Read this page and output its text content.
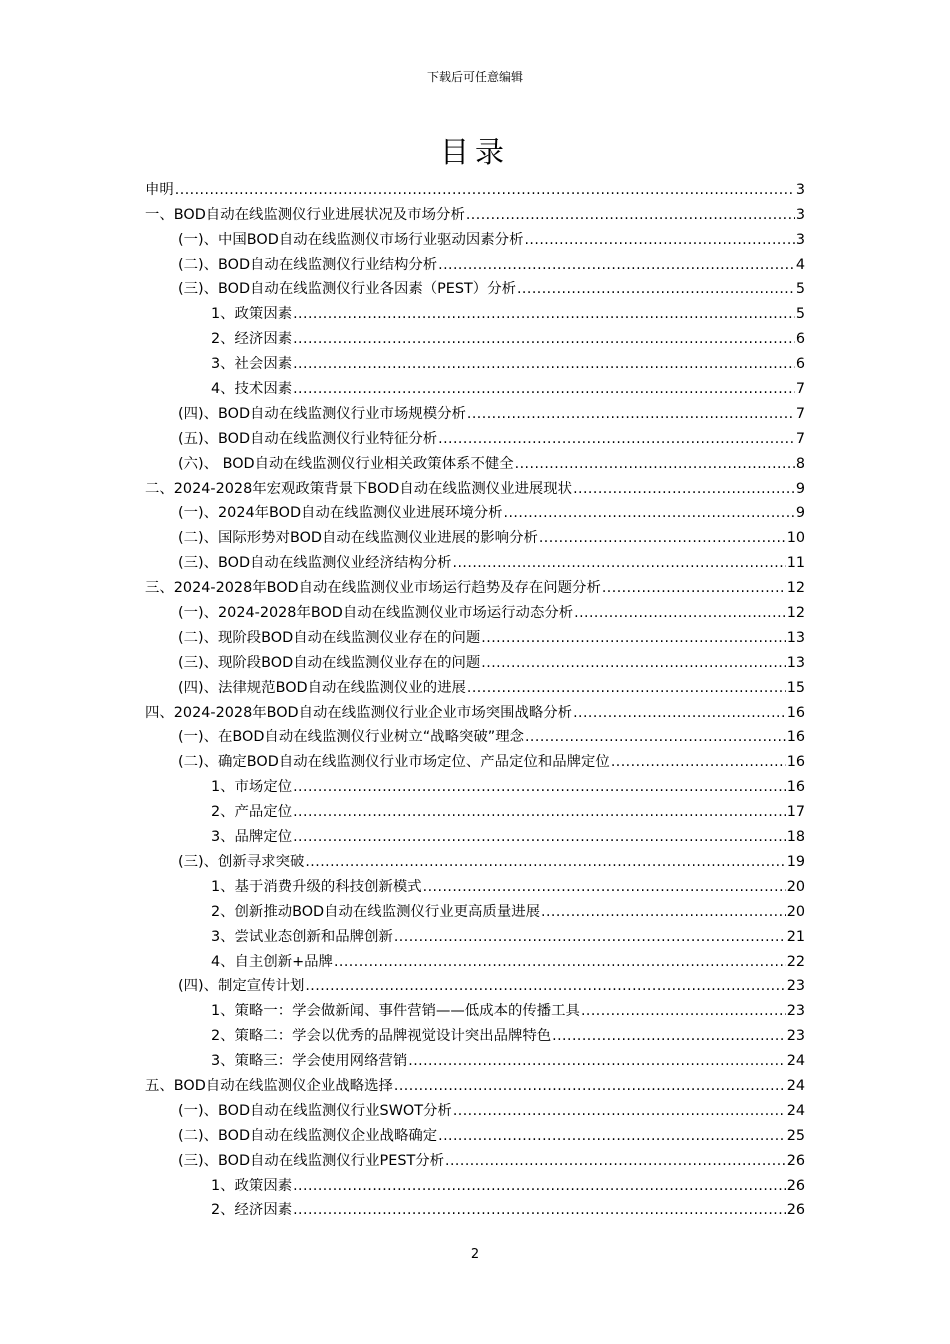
下载后可任意编辑
目录
申明 .....	3
一、BOD自动在线监测仪行业进展状况及市场分析 .....	3
(一)、中国BOD自动在线监测仪市场行业驱动因素分析 .....	3
(二)、BOD自动在线监测仪行业结构分析 .....	4
(三)、BOD自动在线监测仪行业各因素（PEST）分析 .....	5
1、政策因素 .....	5
2、经济因素 .....	6
3、社会因素 .....	6
4、技术因素 .....	7
(四)、BOD自动在线监测仪行业市场规模分析 .....	7
(五)、BOD自动在线监测仪行业特征分析 .....	7
(六)、 BOD自动在线监测仪行业相关政策体系不健全 .....	8
二、2024-2028年宏观政策背景下BOD自动在线监测仪业进展现状 .....	9
(一)、2024年BOD自动在线监测仪业进展环境分析 .....	9
(二)、国际形势对BOD自动在线监测仪业进展的影响分析 .....	10
(三)、BOD自动在线监测仪业经济结构分析 .....	11
三、2024-2028年BOD自动在线监测仪业市场运行趋势及存在问题分析 .....	12
(一)、2024-2028年BOD自动在线监测仪业市场运行动态分析 .....	12
(二)、现阶段BOD自动在线监测仪业存在的问题 .....	13
(三)、现阶段BOD自动在线监测仪业存在的问题 .....	13
(四)、法律规范BOD自动在线监测仪业的进展 .....	15
四、2024-2028年BOD自动在线监测仪行业企业市场突围战略分析 .....	16
(一)、在BOD自动在线监测仪行业树立“战略突破”理念 .....	16
(二)、确定BOD自动在线监测仪行业市场定位、产品定位和品牌定位 .....	16
1、市场定位 .....	16
2、产品定位 .....	17
3、品牌定位 .....	18
(三)、创新寻求突破 .....	19
1、基于消费升级的科技创新模式 .....	20
2、创新推动BOD自动在线监测仪行业更高质量进展 .....	20
3、尝试业态创新和品牌创新 .....	21
4、自主创新+品牌 .....	22
(四)、制定宣传计划 .....	23
1、策略一：学会做新闻、事件营销——低成本的传播工具 .....	23
2、策略二：学会以优秀的品牌视觉设计突出品牌特色 .....	23
3、策略三：学会使用网络营销 .....	24
五、BOD自动在线监测仪企业战略选择 .....	24
(一)、BOD自动在线监测仪行业SWOT分析 .....	24
(二)、BOD自动在线监测仪企业战略确定 .....	25
(三)、BOD自动在线监测仪行业PEST分析 .....	26
1、政策因素 .....	26
2、经济因素 .....	26
2
